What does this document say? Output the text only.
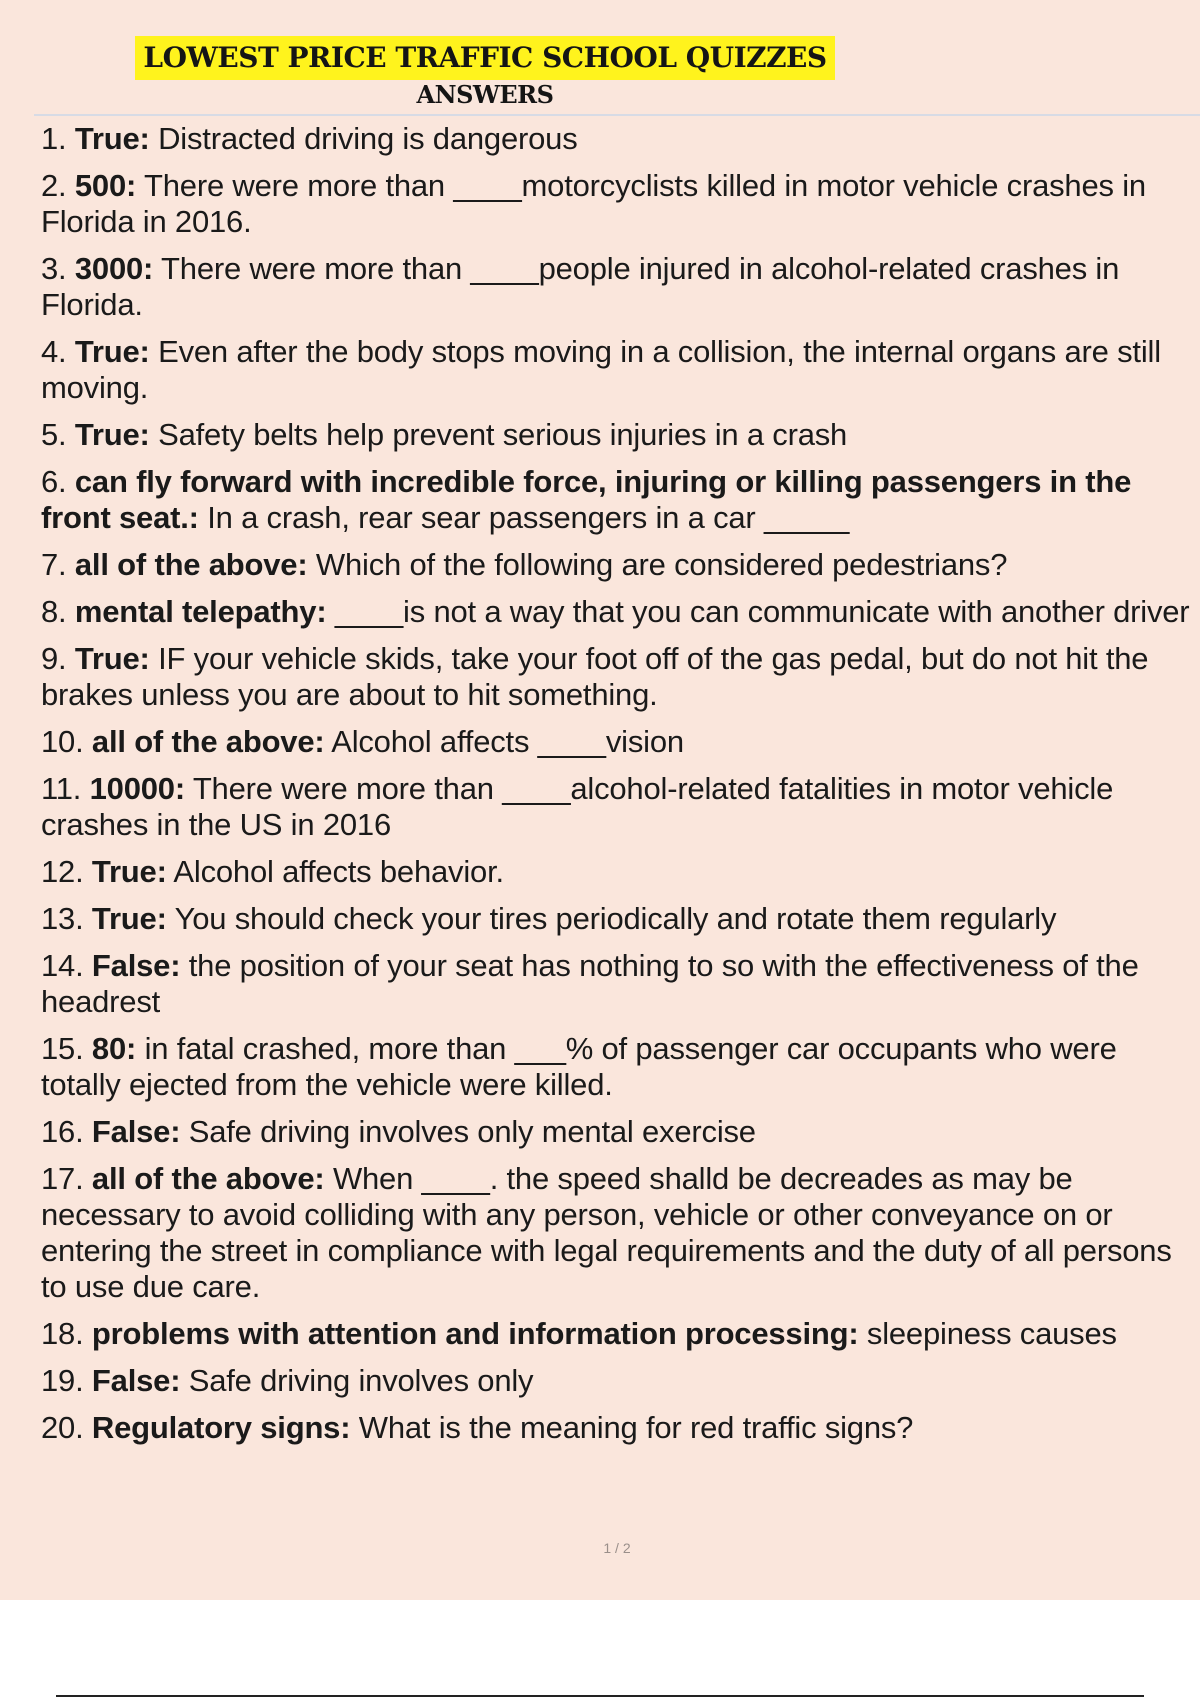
LOWEST PRICE TRAFFIC SCHOOL QUIZZES
ANSWERS
1. True: Distracted driving is dangerous
2. 500: There were more than ____motorcyclists killed in motor vehicle crashes in Florida in 2016.
3. 3000: There were more than ____people injured in alcohol-related crashes in Florida.
4. True: Even after the body stops moving in a collision, the internal organs are still moving.
5. True: Safety belts help prevent serious injuries in a crash
6. can fly forward with incredible force, injuring or killing passengers in the front seat.: In a crash, rear sear passengers in a car _____
7. all of the above: Which of the following are considered pedestrians?
8. mental telepathy: ____is not a way that you can communicate with another driver
9. True: IF your vehicle skids, take your foot off of the gas pedal, but do not hit the brakes unless you are about to hit something.
10. all of the above: Alcohol affects ____vision
11. 10000: There were more than ____alcohol-related fatalities in motor vehicle crashes in the US in 2016
12. True: Alcohol affects behavior.
13. True: You should check your tires periodically and rotate them regularly
14. False: the position of your seat has nothing to so with the effectiveness of the headrest
15. 80: in fatal crashed, more than ___% of passenger car occupants who were totally ejected from the vehicle were killed.
16. False: Safe driving involves only mental exercise
17. all of the above: When ____. the speed shalld be decreades as may be necessary to avoid colliding with any person, vehicle or other conveyance on or entering the street in compliance with legal requirements and the duty of all persons to use due care.
18. problems with attention and information processing: sleepiness causes
19. False: Safe driving involves only
20. Regulatory signs: What is the meaning for red traffic signs?
1 / 2
